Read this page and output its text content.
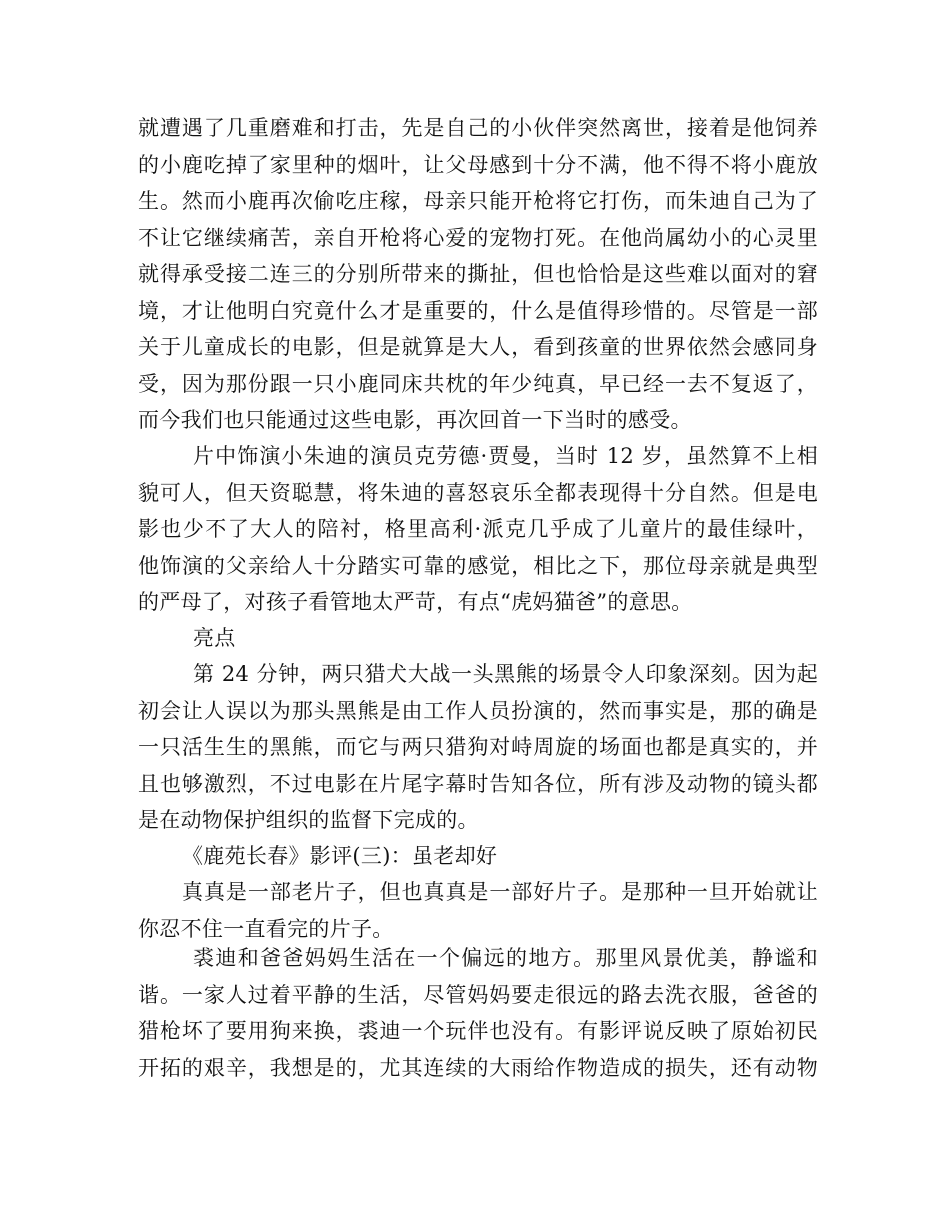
就遭遇了几重磨难和打击，先是自己的小伙伴突然离世，接着是他饲养
的小鹿吃掉了家里种的烟叶，让父母感到十分不满，他不得不将小鹿放
生。然而小鹿再次偷吃庄稼，母亲只能开枪将它打伤，而朱迪自己为了
不让它继续痛苦，亲自开枪将心爱的宠物打死。在他尚属幼小的心灵里
就得承受接二连三的分别所带来的撕扯，但也恰恰是这些难以面对的窘
境，才让他明白究竟什么才是重要的，什么是值得珍惜的。尽管是一部
关于儿童成长的电影，但是就算是大人，看到孩童的世界依然会感同身
受，因为那份跟一只小鹿同床共枕的年少纯真，早已经一去不复返了，
而今我们也只能通过这些电影，再次回首一下当时的感受。
片中饰演小朱迪的演员克劳德·贾曼，当时 12 岁，虽然算不上相
貌可人，但天资聪慧，将朱迪的喜怒哀乐全都表现得十分自然。但是电
影也少不了大人的陪衬，格里高利·派克几乎成了儿童片的最佳绿叶，
他饰演的父亲给人十分踏实可靠的感觉，相比之下，那位母亲就是典型
的严母了，对孩子看管地太严苛，有点“虎妈猫爸”的意思。
亮点
第 24 分钟，两只猎犬大战一头黑熊的场景令人印象深刻。因为起
初会让人误以为那头黑熊是由工作人员扮演的，然而事实是，那的确是
一只活生生的黑熊，而它与两只猎狗对峙周旋的场面也都是真实的，并
且也够激烈，不过电影在片尾字幕时告知各位，所有涉及动物的镜头都
是在动物保护组织的监督下完成的。
《鹿苑长春》影评(三)：虽老却好
真真是一部老片子，但也真真是一部好片子。是那种一旦开始就让
你忍不住一直看完的片子。
裘迪和爸爸妈妈生活在一个偏远的地方。那里风景优美，静谧和
谐。一家人过着平静的生活，尽管妈妈要走很远的路去洗衣服，爸爸的
猎枪坏了要用狗来换，裘迪一个玩伴也没有。有影评说反映了原始初民
开拓的艰辛，我想是的，尤其连续的大雨给作物造成的损失，还有动物
